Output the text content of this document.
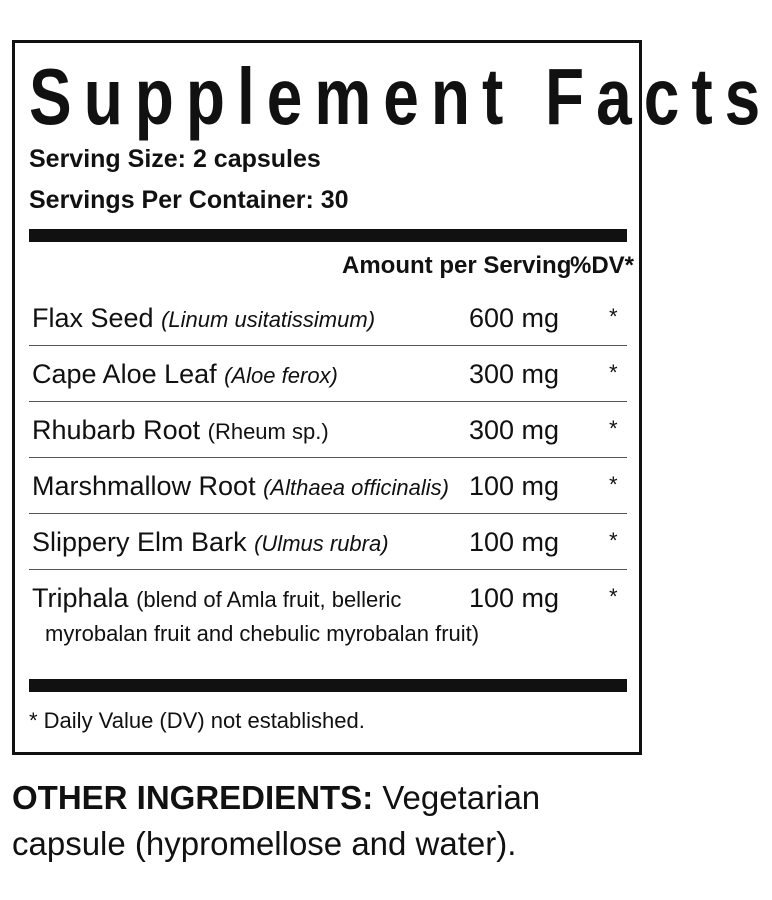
Supplement Facts
Serving Size: 2 capsules
Servings Per Container: 30
Amount per Serving
%DV*
Flax Seed (Linum usitatissimum)	600 mg *
Cape Aloe Leaf (Aloe ferox)	300 mg *
Rhubarb Root (Rheum sp.)	300 mg *
Marshmallow Root (Althaea officinalis) 100 mg *
Slippery Elm Bark (Ulmus rubra)	100 mg *
Triphala (blend of Amla fruit, belleric
myrobalan fruit and chebulic myrobalan fruit)
100 mg *
* Daily Value (DV) not established.
OTHER INGREDIENTS: Vegetarian capsule (hypromellose and water).
